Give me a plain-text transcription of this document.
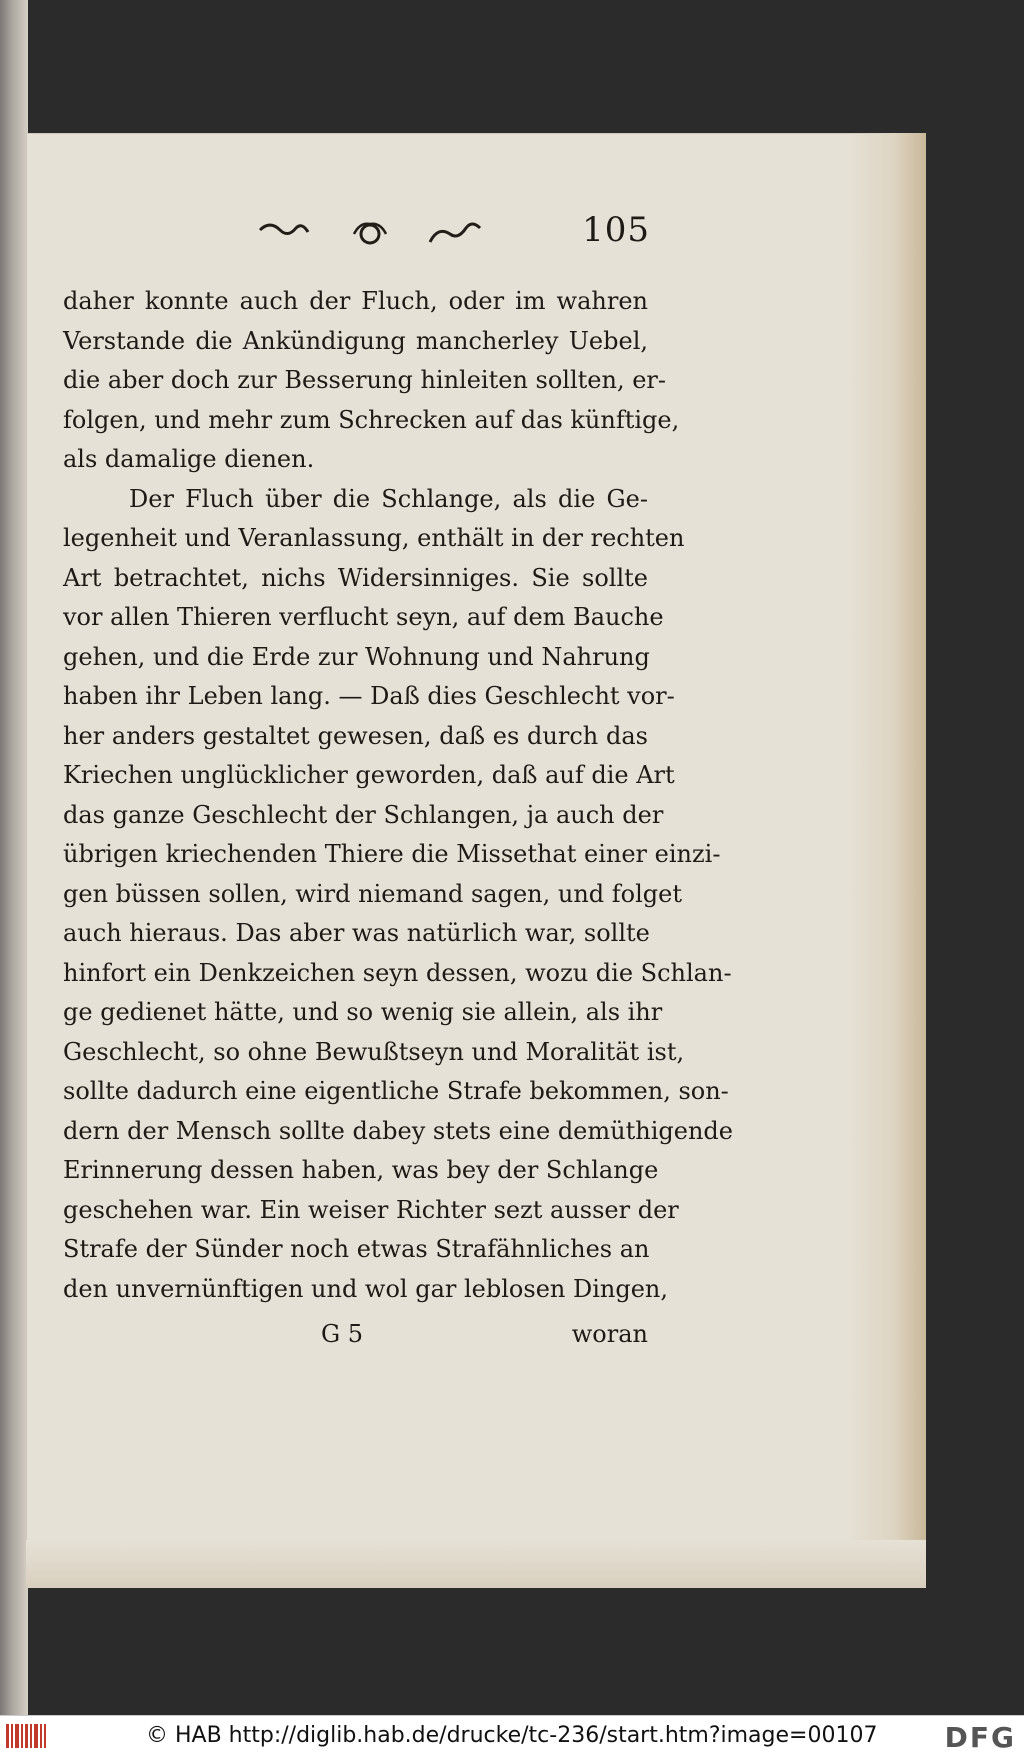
105
daher konnte auch der Fluch, oder im wahren
Verstande die Ankündigung mancherley Uebel,
die aber doch zur Besserung hinleiten sollten, er-
folgen, und mehr zum Schrecken auf das künftige,
als damalige dienen.
Der Fluch über die Schlange, als die Ge-
legenheit und Veranlassung, enthält in der rechten
Art betrachtet, nichs Widersinniges. Sie sollte
vor allen Thieren verflucht seyn, auf dem Bauche
gehen, und die Erde zur Wohnung und Nahrung
haben ihr Leben lang. — Daß dies Geschlecht vor-
her anders gestaltet gewesen, daß es durch das
Kriechen unglücklicher geworden, daß auf die Art
das ganze Geschlecht der Schlangen, ja auch der
übrigen kriechenden Thiere die Missethat einer einzi-
gen büssen sollen, wird niemand sagen, und folget
auch hieraus. Das aber was natürlich war, sollte
hinfort ein Denkzeichen seyn dessen, wozu die Schlan-
ge gedienet hätte, und so wenig sie allein, als ihr
Geschlecht, so ohne Bewußtseyn und Moralität ist,
sollte dadurch eine eigentliche Strafe bekommen, son-
dern der Mensch sollte dabey stets eine demüthigende
Erinnerung dessen haben, was bey der Schlange
geschehen war. Ein weiser Richter sezt ausser der
Strafe der Sünder noch etwas Strafähnliches an
den unvernünftigen und wol gar leblosen Dingen,
G 5	woran
© HAB http://diglib.hab.de/drucke/tc-236/start.htm?image=00107 DFG
